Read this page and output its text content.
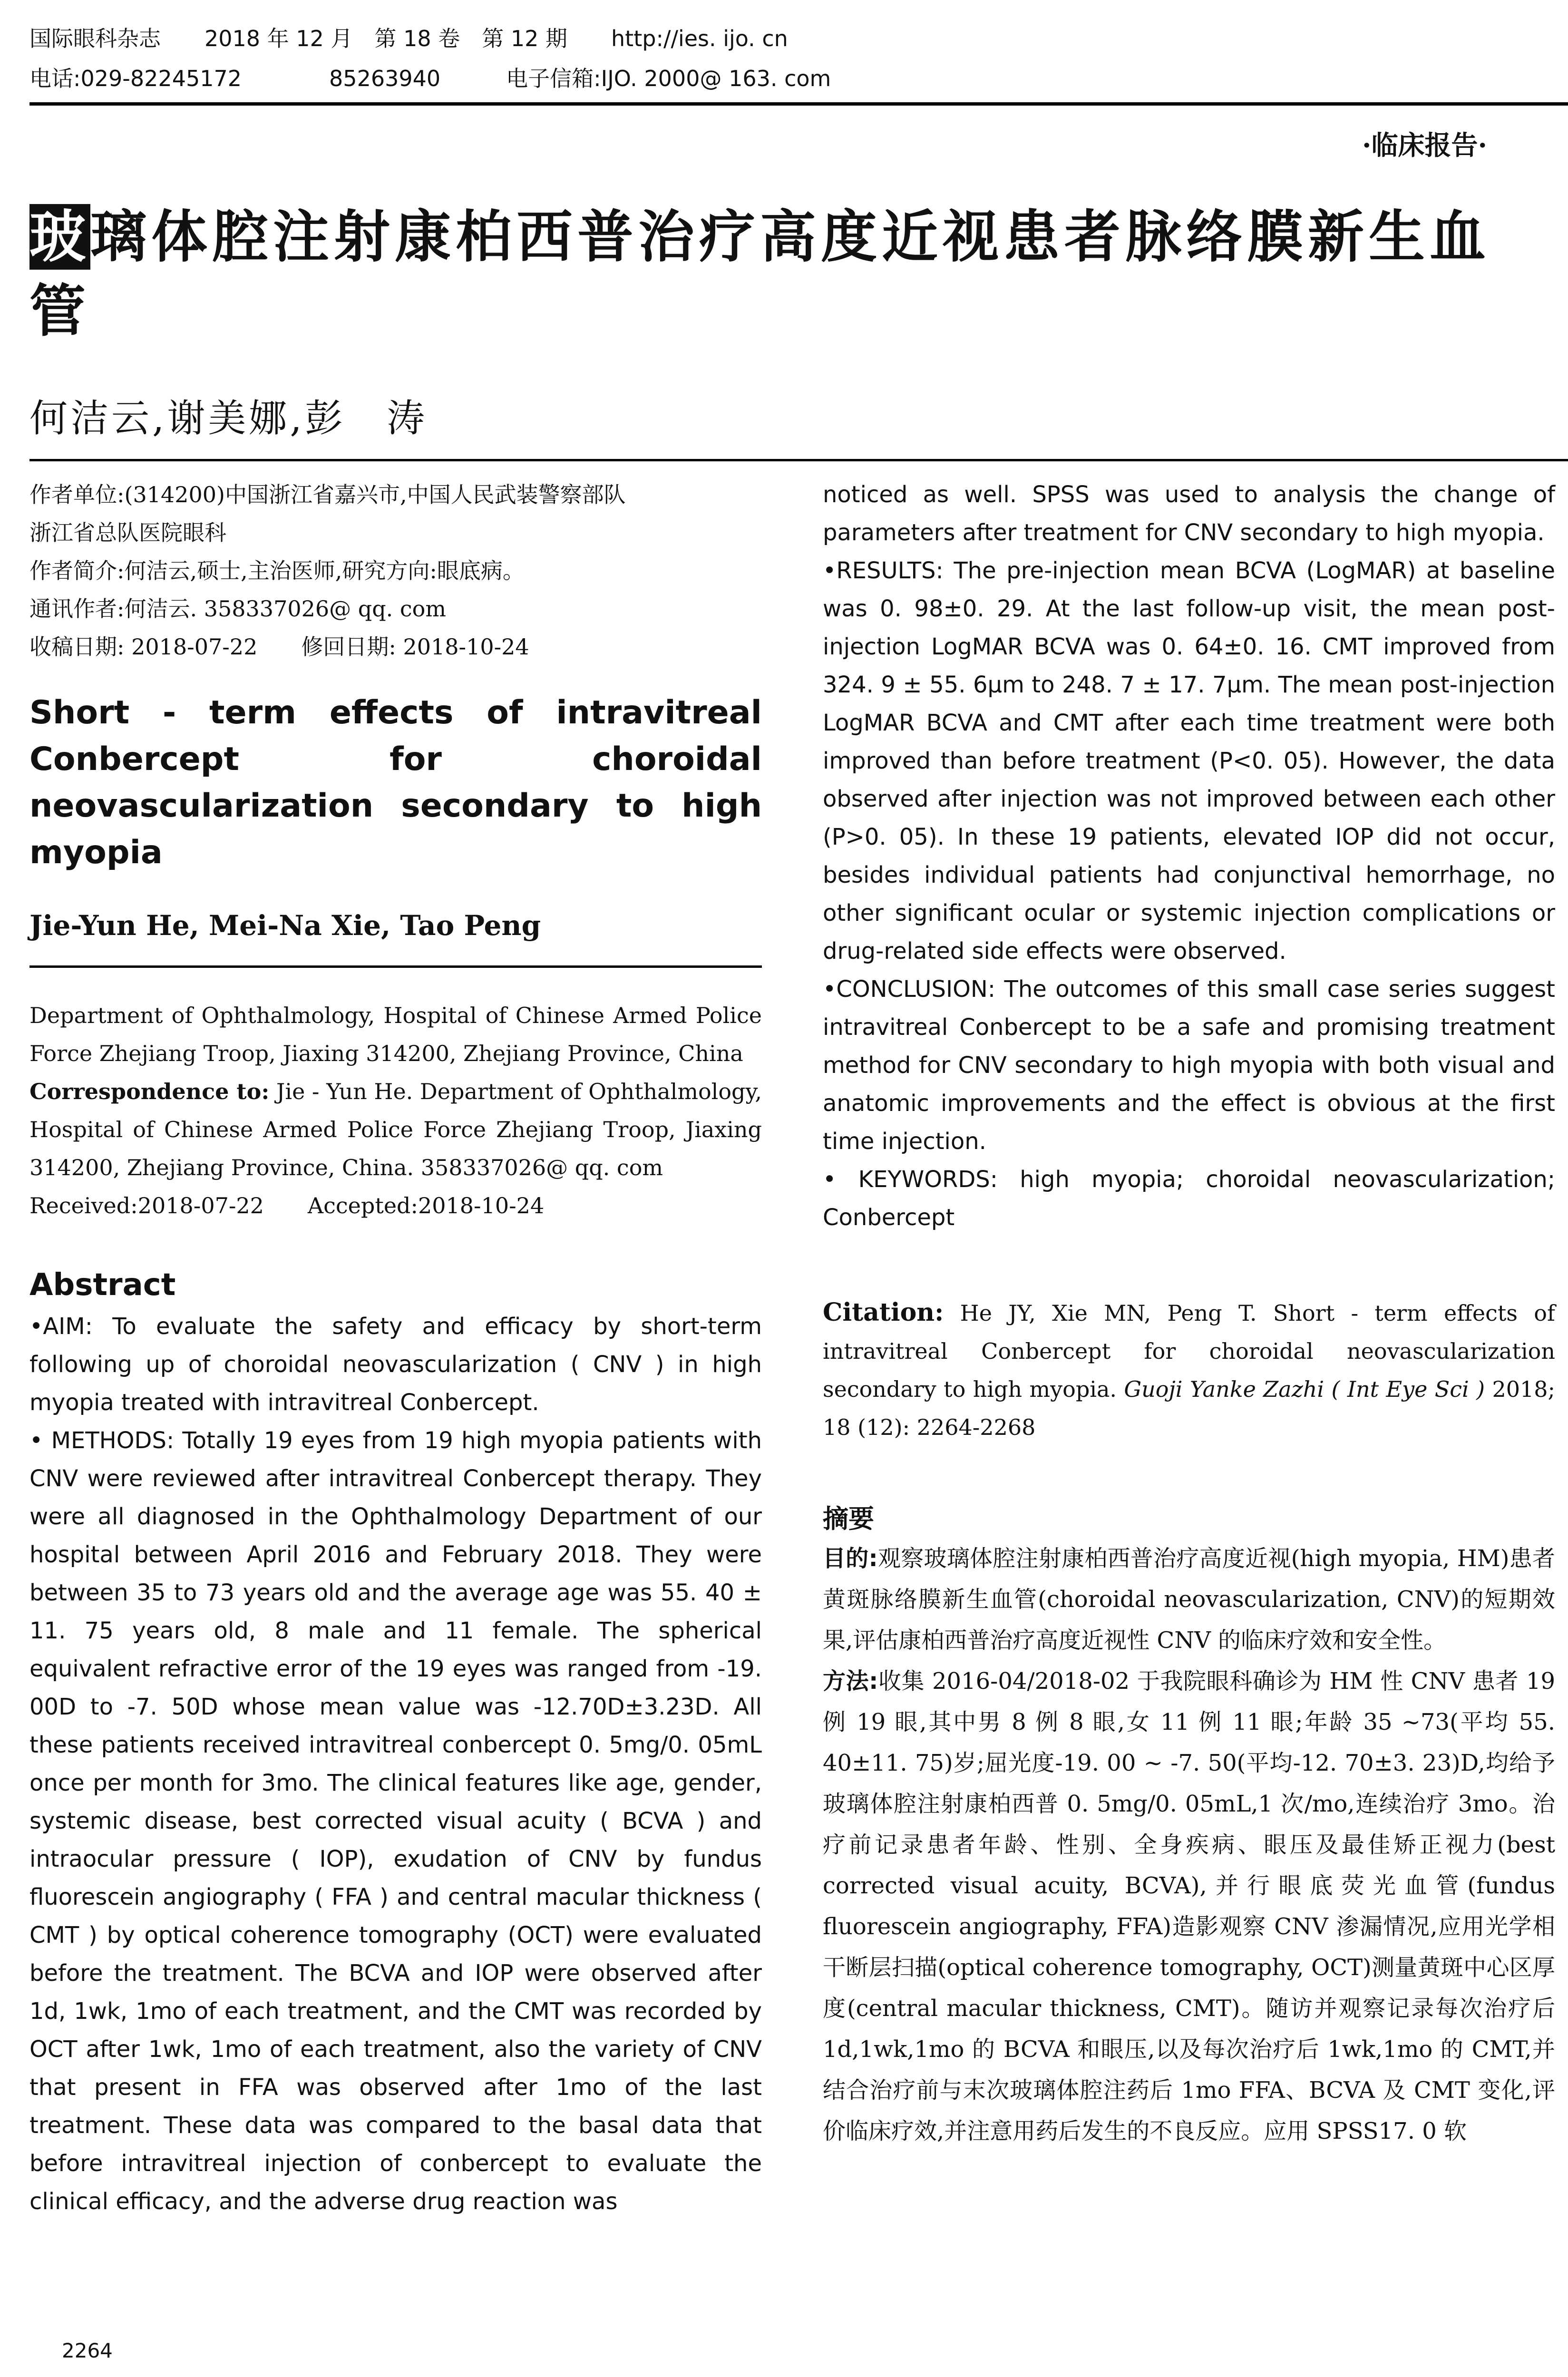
国际眼科杂志　　 2018 年 12 月　 第 18 卷　 第 12 期　　 http://ies. ijo. cn
电话:029-82245172　　　　	85263940　　　	电子信箱:IJO. 2000@ 163. com
·临床报告·
玻璃体腔注射康柏西普治疗高度近视患者脉络膜新生血管
何洁云,谢美娜,彭　涛
作者单位:(314200)中国浙江省嘉兴市,中国人民武装警察部队
浙江省总队医院眼科
作者简介:何洁云,硕士,主治医师,研究方向:眼底病。
通讯作者:何洁云. 358337026@ qq. com
收稿日期: 2018-07-22　　修回日期: 2018-10-24
Short - term effects of intravitreal Conbercept for choroidal neovascularization secondary to high myopia
Jie-Yun He, Mei-Na Xie, Tao Peng
Department of Ophthalmology, Hospital of Chinese Armed Police Force Zhejiang Troop, Jiaxing 314200, Zhejiang Province, China
Correspondence to: Jie - Yun He. Department of Ophthalmology, Hospital of Chinese Armed Police Force Zhejiang Troop, Jiaxing 314200, Zhejiang Province, China. 358337026@ qq. com
Received:2018-07-22　　Accepted:2018-10-24
Abstract

•AIM: To evaluate the safety and efficacy by short-term following up of choroidal neovascularization ( CNV ) in high myopia treated with intravitreal Conbercept.

• METHODS: Totally 19 eyes from 19 high myopia patients with CNV were reviewed after intravitreal Conbercept therapy. They were all diagnosed in the Ophthalmology Department of our hospital between April 2016 and February 2018. They were between 35 to 73 years old and the average age was 55. 40 ± 11. 75 years old, 8 male and 11 female. The spherical equivalent refractive error of the 19 eyes was ranged from -19. 00D to -7. 50D whose mean value was -12.70D±3.23D. All these patients received intravitreal conbercept 0. 5mg/0. 05mL once per month for 3mo. The clinical features like age, gender, systemic disease, best corrected visual acuity ( BCVA ) and intraocular pressure ( IOP), exudation of CNV by fundus fluorescein angiography ( FFA ) and central macular thickness ( CMT ) by optical coherence tomography (OCT) were evaluated before the treatment. The BCVA and IOP were observed after 1d, 1wk, 1mo of each treatment, and the CMT was recorded by OCT after 1wk, 1mo of each treatment, also the variety of CNV that present in FFA was observed after 1mo of the last treatment. These data was compared to the basal data that before intravitreal injection of conbercept to evaluate the clinical efficacy, and the adverse drug reaction was

noticed as well. SPSS was used to analysis the change of parameters after treatment for CNV secondary to high myopia.

•RESULTS: The pre-injection mean BCVA (LogMAR) at baseline was 0. 98±0. 29. At the last follow-up visit, the mean post-injection LogMAR BCVA was 0. 64±0. 16. CMT improved from 324. 9 ± 55. 6μm to 248. 7 ± 17. 7μm. The mean post-injection LogMAR BCVA and CMT after each time treatment were both improved than before treatment (P<0. 05). However, the data observed after injection was not improved between each other (P>0. 05). In these 19 patients, elevated IOP did not occur, besides individual patients had conjunctival hemorrhage, no other significant ocular or systemic injection complications or drug-related side effects were observed.

•CONCLUSION: The outcomes of this small case series suggest intravitreal Conbercept to be a safe and promising treatment method for CNV secondary to high myopia with both visual and anatomic improvements and the effect is obvious at the first time injection.

• KEYWORDS: high myopia; choroidal neovascularization; Conbercept

Citation: He JY, Xie MN, Peng T. Short - term effects of intravitreal Conbercept for choroidal neovascularization secondary to high myopia. Guoji Yanke Zazhi ( Int Eye Sci ) 2018; 18 (12): 2264-2268
摘要

目的:观察玻璃体腔注射康柏西普治疗高度近视(high myopia, HM)患者黄斑脉络膜新生血管(choroidal neovascularization, CNV)的短期效果,评估康柏西普治疗高度近视性 CNV 的临床疗效和安全性。

方法:收集 2016-04/2018-02 于我院眼科确诊为 HM 性 CNV 患者 19 例 19 眼,其中男 8 例 8 眼,女 11 例 11 眼;年龄 35 ~73(平均 55. 40±11. 75)岁;屈光度-19. 00 ~ -7. 50(平均-12. 70±3. 23)D,均给予玻璃体腔注射康柏西普 0. 5mg/0. 05mL,1 次/mo,连续治疗 3mo。治疗前记录患者年龄、性别、全身疾病、眼压及最佳矫正视力(best corrected visual acuity, BCVA),并行眼底荧光血管(fundus fluorescein angiography, FFA)造影观察 CNV 渗漏情况,应用光学相干断层扫描(optical coherence tomography, OCT)测量黄斑中心区厚度(central macular thickness, CMT)。随访并观察记录每次治疗后 1d,1wk,1mo 的 BCVA 和眼压,以及每次治疗后 1wk,1mo 的 CMT,并结合治疗前与末次玻璃体腔注药后 1mo FFA、BCVA 及 CMT 变化,评价临床疗效,并注意用药后发生的不良反应。应用 SPSS17. 0 软

2264
